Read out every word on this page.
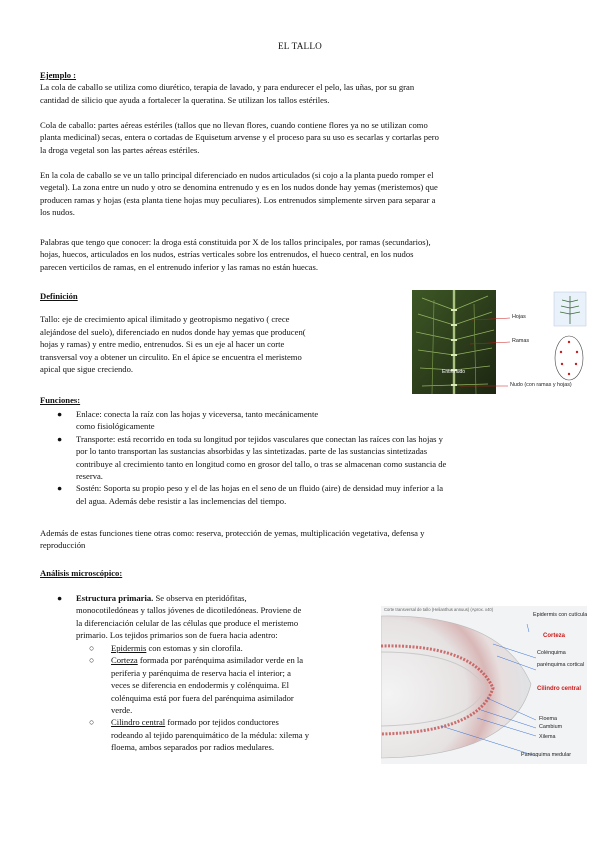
EL TALLO
Ejemplo :
La cola de caballo se utiliza como diurético, terapia de lavado, y para endurecer el pelo, las uñas, por su gran
cantidad de silicio que ayuda a fortalecer la queratina. Se utilizan los tallos estériles.
Cola de caballo: partes aéreas estériles (tallos que no llevan flores, cuando contiene flores ya no se utilizan como
planta medicinal) secas, entera o cortadas de Equisetum arvense y el proceso para su uso es secarlas y cortarlas pero
la droga vegetal son las partes aéreas estériles.
En la cola de caballo se ve un tallo principal diferenciado en nudos articulados (si cojo a la planta puedo romper el
vegetal). La zona entre un nudo y otro se denomina entrenudo y es en los nudos donde hay yemas (meristemos) que
producen ramas y hojas (esta planta tiene hojas muy peculiares). Los entrenudos simplemente sirven para separar a
los nudos.
Palabras que tengo que conocer: la droga está constituida por X de los tallos principales, por ramas (secundarios),
hojas, huecos, articulados en los nudos, estrías verticales sobre los entrenudos, el hueco central, en los nudos
parecen verticilos de ramas, en el entrenudo inferior y las ramas no están huecas.
Definición
Tallo: eje de crecimiento apical ilimitado y geotropismo negativo ( crece
alejándose del suelo), diferenciado en nudos donde hay yemas que producen(
hojas y ramas) y entre medio, entrenudos. Si es un eje al hacer un corte
transversal voy a obtener un circulito. En el ápice se encuentra el meristemo
apical que sigue creciendo.	Entrenudo
Hojas
Ramas
Nudo (con ramas y hojas)
Funciones:
● Enlace: conecta la raíz con las hojas y viceversa, tanto mecánicamente
como fisiológicamente
● Transporte: está recorrido en toda su longitud por tejidos vasculares que conectan las raíces con las hojas y
por lo tanto transportan las sustancias absorbidas y las sintetizadas. parte de las sustancias sintetizadas
contribuye al crecimiento tanto en longitud como en grosor del tallo, o tras se almacenan como sustancia de
reserva.
● Sostén: Soporta su propio peso y el de las hojas en el seno de un fluido (aire) de densidad muy inferior a la
del agua. Además debe resistir a las inclemencias del tiempo.
Además de estas funciones tiene otras como: reserva, protección de yemas, multiplicación vegetativa, defensa y
reproducción
Análisis microscópico:
● Estructura primaria. Se observa en pteridófitas,
monocotiledóneas y tallos jóvenes de dicotiledóneas. Proviene de
la diferenciación celular de las células que produce el meristemo
primario. Los tejidos primarios son de fuera hacia adentro:
○ Epidermis con estomas y sin clorofila.
○ Corteza formada por parénquima asimilador verde en la
periferia y parénquima de reserva hacia el interior; a
veces se diferencia en endodermis y colénquima. El
colénquima está por fuera del parénquima asimilador
verde.
○ Cilindro central formado por tejidos conductores
rodeando al tejido parenquimático de la médula: xilema y
floema, ambos separados por radios medulares.
Corte transversal de tallo (Helianthus annuus) (Aprox. x40)
Epidermis con cutícula
Corteza
Colénquima
parénquima cortical
Cilindro central
Floema
Cambium
Xilema
Parénquima medular
